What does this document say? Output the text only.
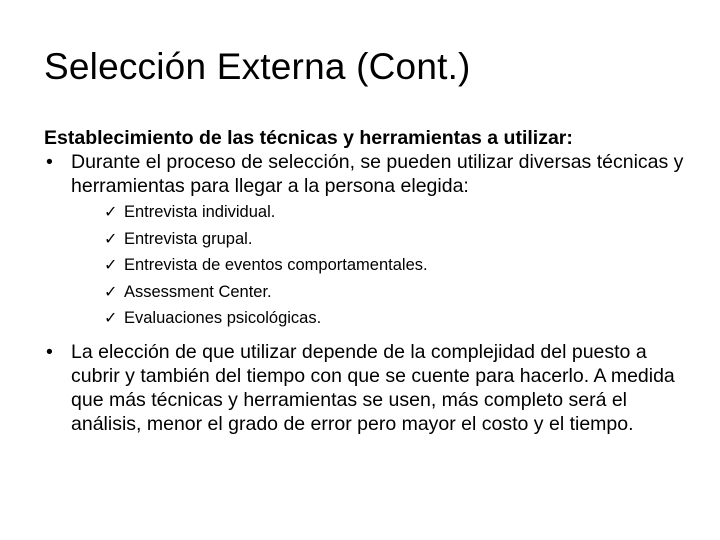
Selección Externa (Cont.)
Establecimiento de las técnicas y herramientas a utilizar:
• Durante el proceso de selección, se pueden utilizar diversas técnicas y herramientas para llegar a la persona elegida:
✓ Entrevista individual.
✓ Entrevista grupal.
✓ Entrevista de eventos comportamentales.
✓ Assessment Center.
✓ Evaluaciones psicológicas.
• La elección de que utilizar depende de la complejidad del puesto a cubrir y también del tiempo con que se cuente para hacerlo. A medida que más técnicas y herramientas se usen, más completo será el análisis, menor el grado de error pero mayor el costo y el tiempo.
